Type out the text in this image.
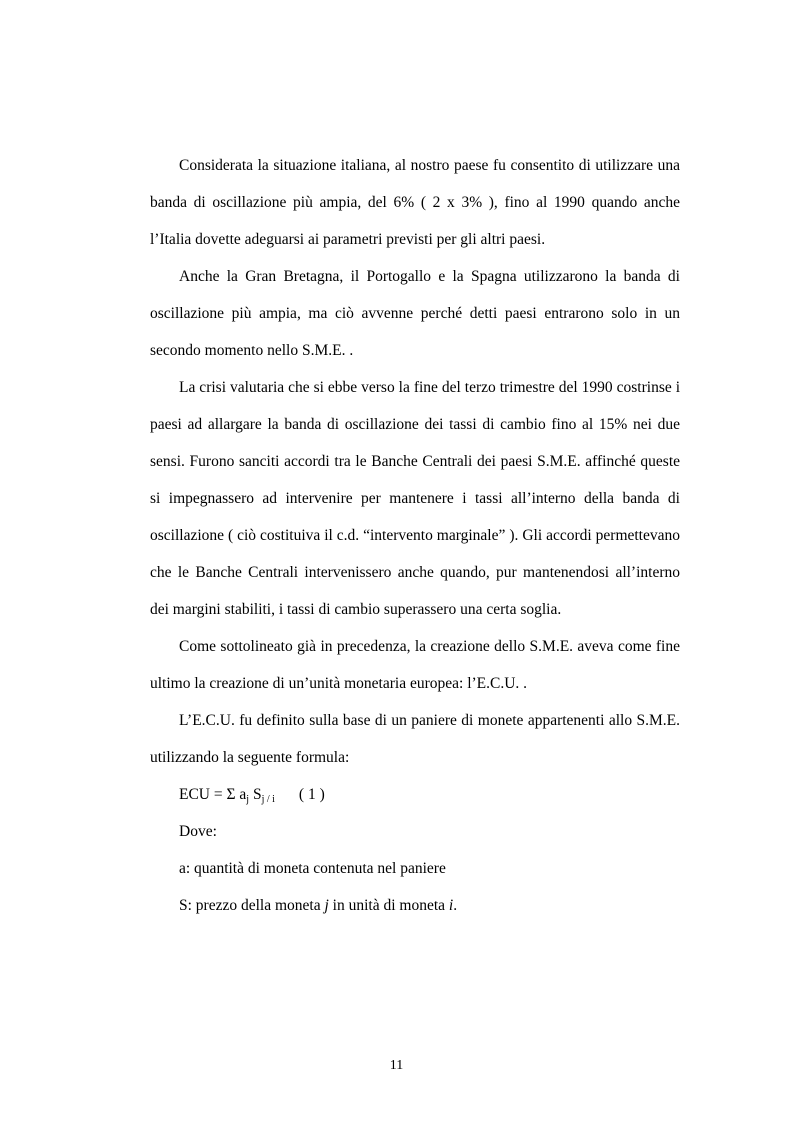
Considerata la situazione italiana, al nostro paese fu consentito di utilizzare una banda di oscillazione più ampia, del 6% ( 2 x 3% ), fino al 1990 quando anche l’Italia dovette adeguarsi ai parametri previsti per gli altri paesi.

Anche la Gran Bretagna, il Portogallo e la Spagna utilizzarono la banda di oscillazione più ampia, ma ciò avvenne perché detti paesi entrarono solo in un secondo momento nello S.M.E. .

La crisi valutaria che si ebbe verso la fine del terzo trimestre del 1990 costrinse i paesi ad allargare la banda di oscillazione dei tassi di cambio fino al 15% nei due sensi. Furono sanciti accordi tra le Banche Centrali dei paesi S.M.E. affinché queste si impegnassero ad intervenire per mantenere i tassi all’interno della banda di oscillazione ( ciò costituiva il c.d. “intervento marginale” ). Gli accordi permettevano che le Banche Centrali intervenissero anche quando, pur mantenendosi all’interno dei margini stabiliti, i tassi di cambio superassero una certa soglia.

Come sottolineato già in precedenza, la creazione dello S.M.E. aveva come fine ultimo la creazione di un’unità monetaria europea: l’E.C.U. .

L’E.C.U. fu definito sulla base di un paniere di monete appartenenti allo S.M.E. utilizzando la seguente formula:

ECU = Σ $a_j$ $S_{j / i}$ ( 1 )

Dove:

a: quantità di moneta contenuta nel paniere

S: prezzo della moneta j in unità di moneta i.

11
